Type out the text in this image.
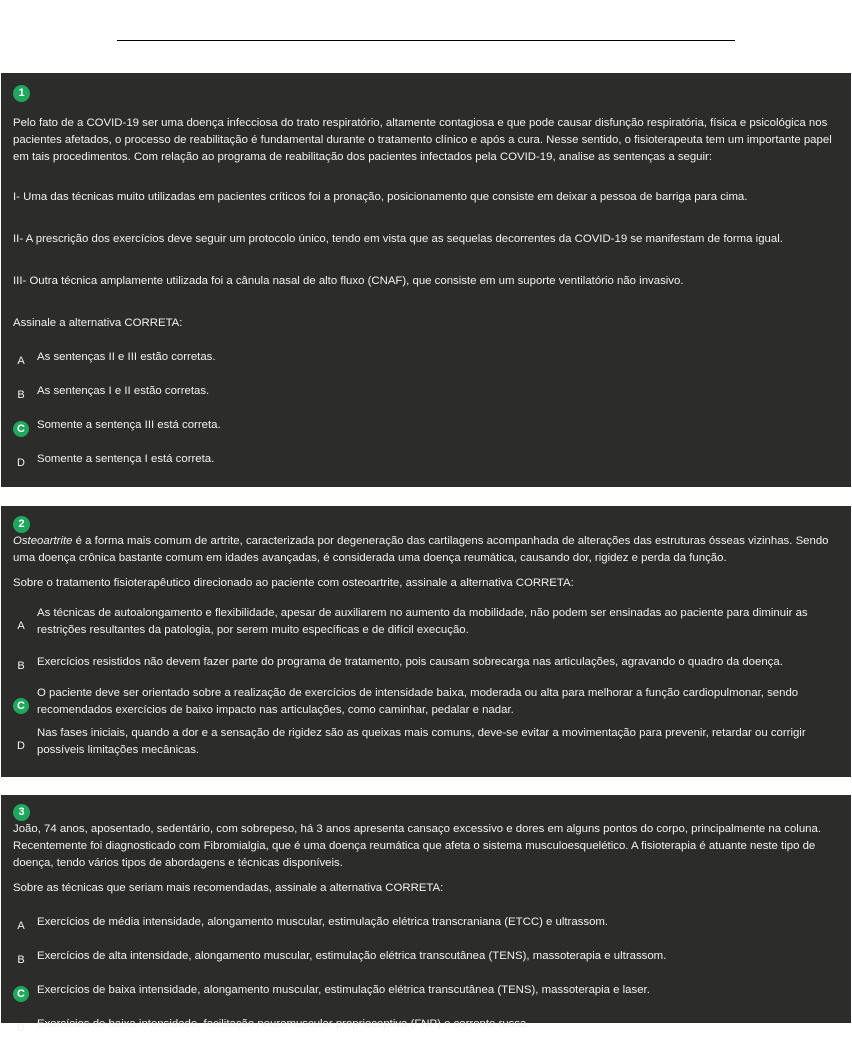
1

Pelo fato de a COVID-19 ser uma doença infecciosa do trato respiratório, altamente contagiosa e que pode causar disfunção respiratória, física e psicológica nos pacientes afetados, o processo de reabilitação é fundamental durante o tratamento clínico e após a cura. Nesse sentido, o fisioterapeuta tem um importante papel em tais procedimentos. Com relação ao programa de reabilitação dos pacientes infectados pela COVID-19, analise as sentenças a seguir:

I- Uma das técnicas muito utilizadas em pacientes críticos foi a pronação, posicionamento que consiste em deixar a pessoa de barriga para cima.

II- A prescrição dos exercícios deve seguir um protocolo único, tendo em vista que as sequelas decorrentes da COVID-19 se manifestam de forma igual.

III- Outra técnica amplamente utilizada foi a cânula nasal de alto fluxo (CNAF), que consiste em um suporte ventilatório não invasivo.

Assinale a alternativa CORRETA:

A	As sentenças II e III estão corretas.
B	As sentenças I e II estão corretas.
C	Somente a sentença III está correta.
D	Somente a sentença I está correta.
2

Osteoartrite é a forma mais comum de artrite, caracterizada por degeneração das cartilagens acompanhada de alterações das estruturas ósseas vizinhas. Sendo uma doença crônica bastante comum em idades avançadas, é considerada uma doença reumática, causando dor, rigidez e perda da função.

Sobre o tratamento fisioterapêutico direcionado ao paciente com osteoartrite, assinale a alternativa CORRETA:

A
As técnicas de autoalongamento e flexibilidade, apesar de auxiliarem no aumento da mobilidade, não podem ser ensinadas ao paciente para diminuir as restrições resultantes da patologia, por serem muito específicas e de difícil execução.
B	Exercícios resistidos não devem fazer parte do programa de tratamento, pois causam sobrecarga nas articulações, agravando o quadro da doença.
C
O paciente deve ser orientado sobre a realização de exercícios de intensidade baixa, moderada ou alta para melhorar a função cardiopulmonar, sendo recomendados exercícios de baixo impacto nas articulações, como caminhar, pedalar e nadar.
D
Nas fases iniciais, quando a dor e a sensação de rigidez são as queixas mais comuns, deve-se evitar a movimentação para prevenir, retardar ou corrigir possíveis limitações mecânicas.
3

João, 74 anos, aposentado, sedentário, com sobrepeso, há 3 anos apresenta cansaço excessivo e dores em alguns pontos do corpo, principalmente na coluna. Recentemente foi diagnosticado com Fibromialgia, que é uma doença reumática que afeta o sistema musculoesquelético. A fisioterapia é atuante neste tipo de doença, tendo vários tipos de abordagens e técnicas disponíveis.

Sobre as técnicas que seriam mais recomendadas, assinale a alternativa CORRETA:

A	Exercícios de média intensidade, alongamento muscular, estimulação elétrica transcraniana (ETCC) e ultrassom.
B	Exercícios de alta intensidade, alongamento muscular, estimulação elétrica transcutânea (TENS), massoterapia e ultrassom.
C	Exercícios de baixa intensidade, alongamento muscular, estimulação elétrica transcutânea (TENS), massoterapia e laser.
D	Exercícios de baixa intensidade, facilitação neuromuscular proprioceptiva (FNP) e corrente russa.
